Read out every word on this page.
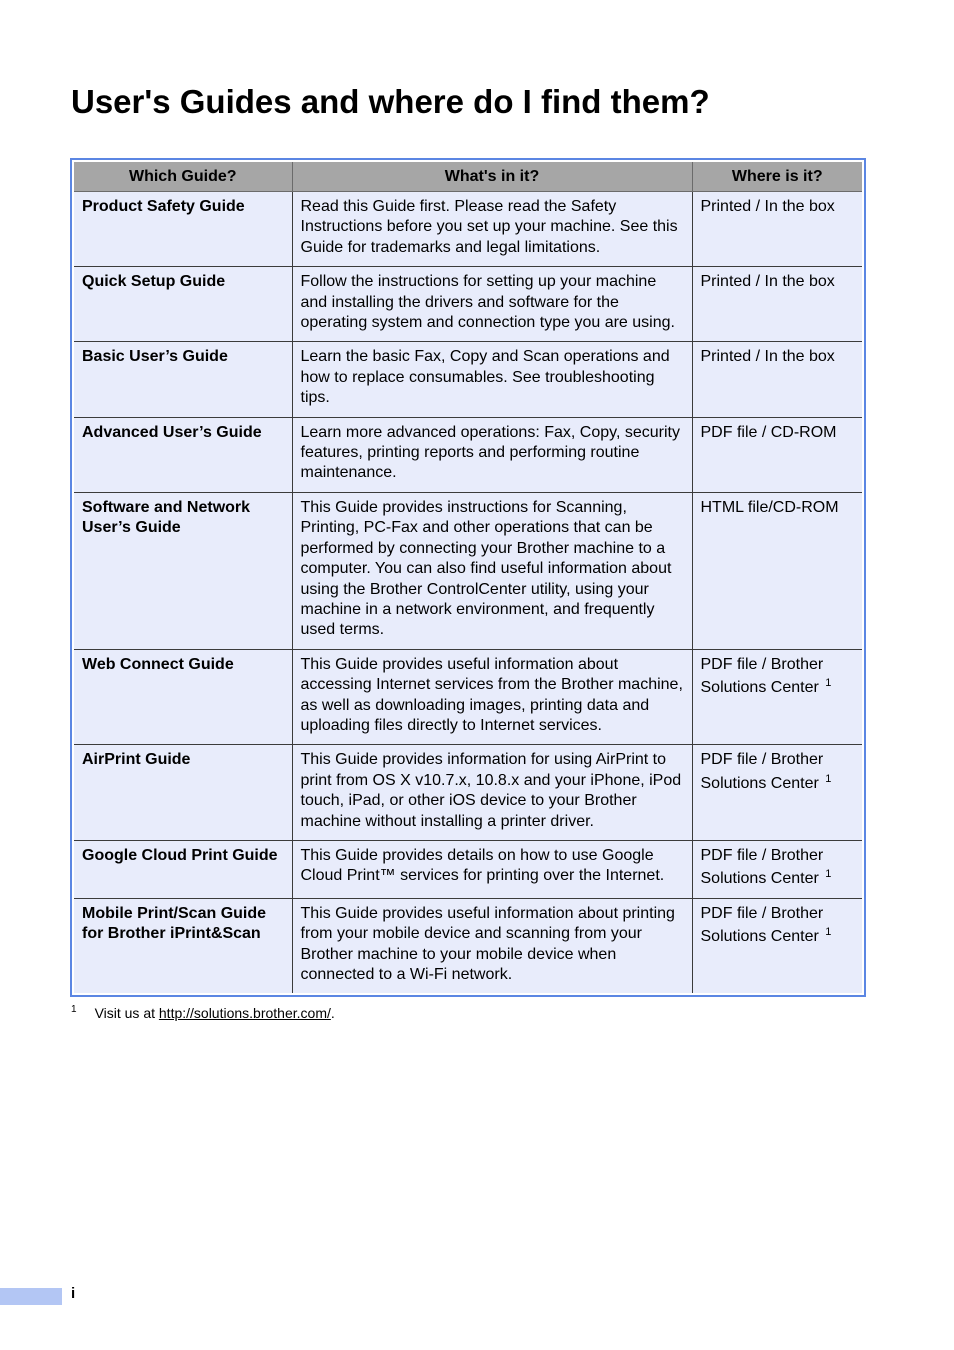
User's Guides and where do I find them?
Which Guide?	What's in it?	Where is it?
Product Safety Guide	Read this Guide first. Please read the Safety Instructions before you set up your machine. See this Guide for trademarks and legal limitations.	Printed / In the box

Quick Setup Guide	Follow the instructions for setting up your machine and installing the drivers and software for the operating system and connection type you are using.	Printed / In the box

Basic User’s Guide	Learn the basic Fax, Copy and Scan operations and how to replace consumables. See troubleshooting tips.	Printed / In the box

Advanced User’s Guide	Learn more advanced operations: Fax, Copy, security features, printing reports and performing routine maintenance.	PDF file / CD-ROM

Software and Network User’s Guide	This Guide provides instructions for Scanning, Printing, PC-Fax and other operations that can be performed by connecting your Brother machine to a computer. You can also find useful information about using the Brother ControlCenter utility, using your machine in a network environment, and frequently used terms.	HTML file/CD-ROM

Web Connect Guide	This Guide provides useful information about accessing Internet services from the Brother machine, as well as downloading images, printing data and uploading files directly to Internet services.	PDF file / Brother
Solutions Center $^1$

AirPrint Guide	This Guide provides information for using AirPrint to print from OS X v10.7.x, 10.8.x and your iPhone, iPod touch, iPad, or other iOS device to your Brother machine without installing a printer driver.	PDF file / Brother
Solutions Center $^1$

Google Cloud Print Guide	This Guide provides details on how to use Google Cloud Print™ services for printing over the Internet.	PDF file / Brother
Solutions Center $^1$

Mobile Print/Scan Guide for Brother iPrint&Scan	This Guide provides useful information about printing from your mobile device and scanning from your Brother machine to your mobile device when connected to a Wi-Fi network.	PDF file / Brother
Solutions Center $^1$
$^1$ Visit us at http://solutions.brother.com/.
i
